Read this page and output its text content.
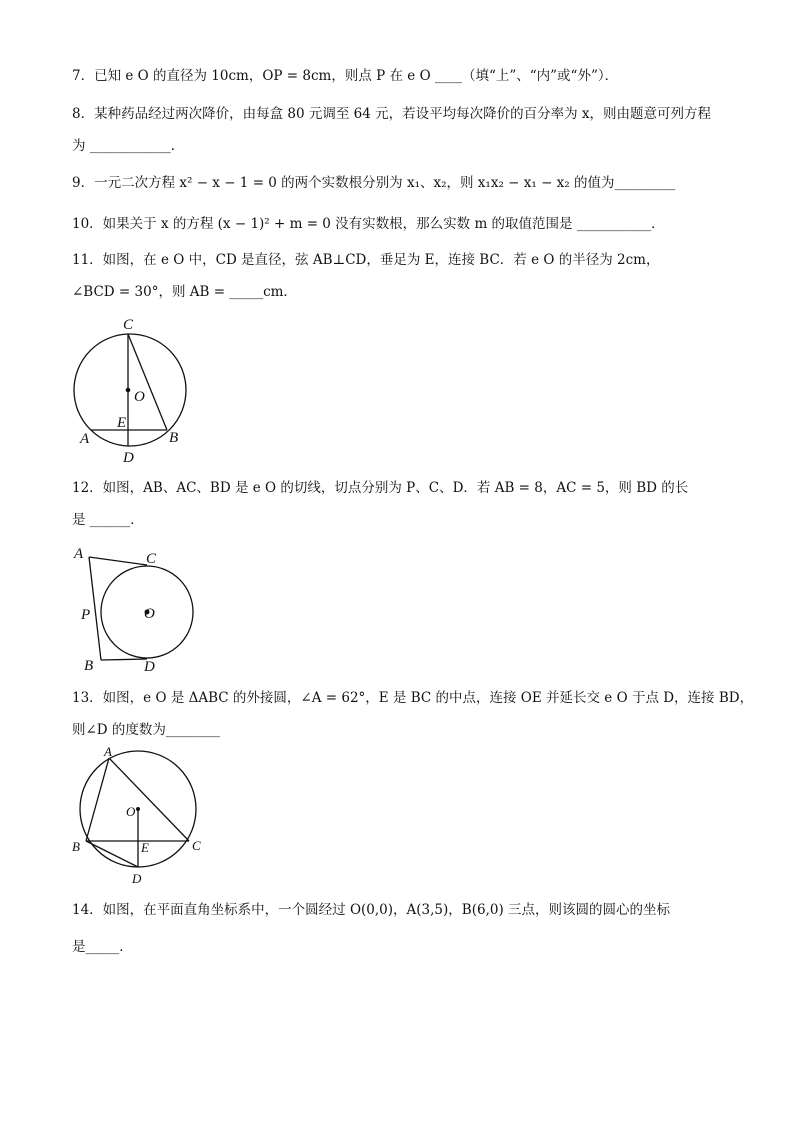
7．已知 e O 的直径为 10cm，OP = 8cm，则点 P 在 e O ____（填“上”、“内”或“外”）．
8．某种药品经过两次降价，由每盒 80 元调至 64 元，若设平均每次降价的百分率为 x，则由题意可列方程
为 ____________．
9．一元二次方程 x² − x − 1 = 0 的两个实数根分别为 x₁、x₂，则 x₁x₂ − x₁ − x₂ 的值为_________
10．如果关于 x 的方程 (x − 1)² + m = 0 没有实数根，那么实数 m 的取值范围是 ___________．
11．如图，在 e O 中，CD 是直径，弦 AB⊥CD，垂足为 E，连接 BC．若 e O 的半径为 2cm，
∠BCD = 30°，则 AB = _____cm．
C
O
E
A	B
D
12．如图，AB、AC、BD 是 e O 的切线，切点分别为 P、C、D．若 AB = 8，AC = 5，则 BD 的长
是 ______．
A	C
P	O
B	D
13．如图，e O 是 ΔABC 的外接圆，∠A = 62°，E 是 BC 的中点，连接 OE 并延长交 e O 于点 D，连接 BD，
则∠D 的度数为________
A
O
B	E	C
D
14．如图，在平面直角坐标系中，一个圆经过 O(0,0)，A(3,5)，B(6,0) 三点，则该圆的圆心的坐标
是_____．
